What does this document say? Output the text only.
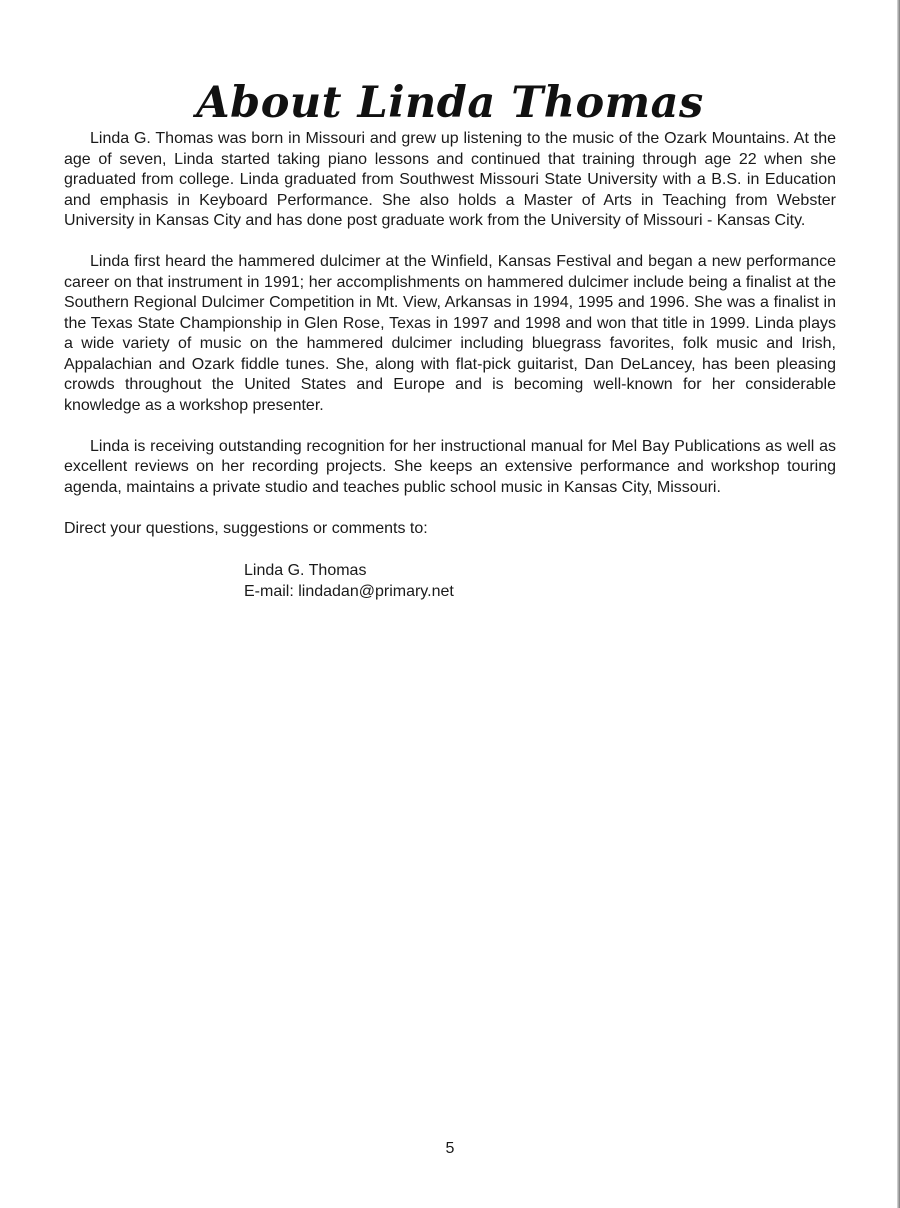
About Linda Thomas

Linda G. Thomas was born in Missouri and grew up listening to the music of the Ozark Mountains. At the age of seven, Linda started taking piano lessons and continued that training through age 22 when she graduated from college. Linda graduated from Southwest Missouri State University with a B.S. in Education and emphasis in Keyboard Performance. She also holds a Master of Arts in Teaching from Webster University in Kansas City and has done post graduate work from the University of Missouri - Kansas City.

Linda first heard the hammered dulcimer at the Winfield, Kansas Festival and began a new performance career on that instrument in 1991; her accomplishments on hammered dulcimer include being a finalist at the Southern Regional Dulcimer Competition in Mt. View, Arkansas in 1994, 1995 and 1996. She was a finalist in the Texas State Championship in Glen Rose, Texas in 1997 and 1998 and won that title in 1999. Linda plays a wide variety of music on the hammered dulcimer including bluegrass favorites, folk music and Irish, Appalachian and Ozark fiddle tunes. She, along with flat-pick guitarist, Dan DeLancey, has been pleasing crowds throughout the United States and Europe and is becoming well-known for her considerable knowledge as a workshop presenter.

Linda is receiving outstanding recognition for her instructional manual for Mel Bay Publications as well as excellent reviews on her recording projects. She keeps an extensive performance and workshop touring agenda, maintains a private studio and teaches public school music in Kansas City, Missouri.

Direct your questions, suggestions or comments to:

Linda G. Thomas
E-mail: lindadan@primary.net
5
